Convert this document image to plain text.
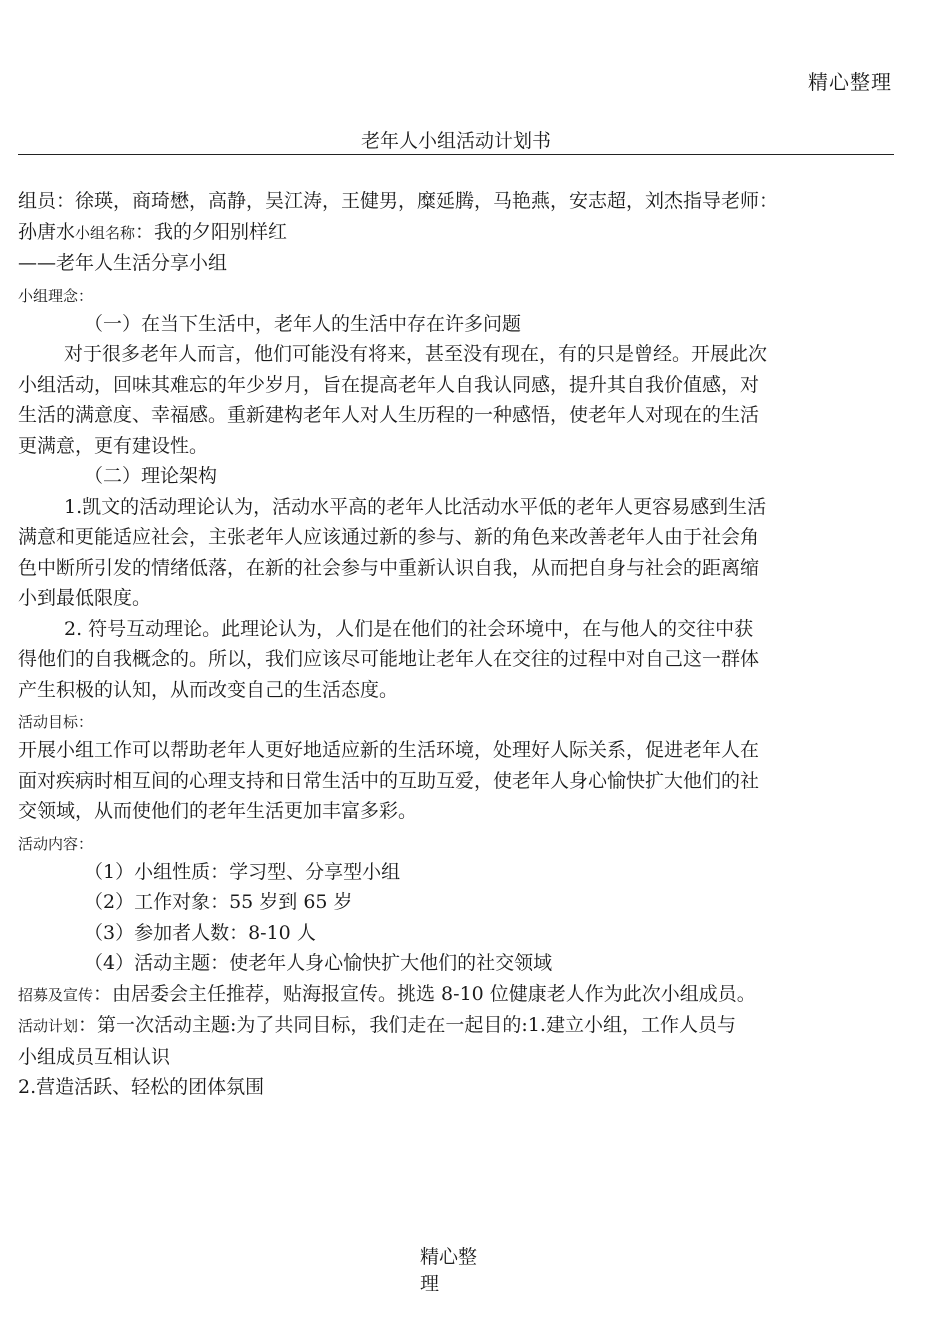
精心整理
老年人小组活动计划书

组员：徐瑛，商琦懋，高静，吴江涛，王健男，糜延腾，马艳燕，安志超，刘杰指导老师：

孙唐水小组名称：我的夕阳别样红

——老年人生活分享小组

小组理念：

（一）在当下生活中，老年人的生活中存在许多问题

对于很多老年人而言，他们可能没有将来，甚至没有现在，有的只是曾经。开展此次

小组活动，回味其难忘的年少岁月，旨在提高老年人自我认同感，提升其自我价值感，对

生活的满意度、幸福感。重新建构老年人对人生历程的一种感悟，使老年人对现在的生活

更满意，更有建设性。

（二）理论架构

1.凯文的活动理论认为，活动水平高的老年人比活动水平低的老年人更容易感到生活

满意和更能适应社会，主张老年人应该通过新的参与、新的角色来改善老年人由于社会角

色中断所引发的情绪低落，在新的社会参与中重新认识自我，从而把自身与社会的距离缩

小到最低限度。

2. 符号互动理论。此理论认为，人们是在他们的社会环境中，在与他人的交往中获

得他们的自我概念的。所以，我们应该尽可能地让老年人在交往的过程中对自己这一群体

产生积极的认知，从而改变自己的生活态度。

活动目标：

开展小组工作可以帮助老年人更好地适应新的生活环境，处理好人际关系，促进老年人在

面对疾病时相互间的心理支持和日常生活中的互助互爱，使老年人身心愉快扩大他们的社

交领域，从而使他们的老年生活更加丰富多彩。

活动内容：

（1）小组性质：学习型、分享型小组

（2）工作对象：55 岁到 65 岁

（3）参加者人数：8-10 人

（4）活动主题：使老年人身心愉快扩大他们的社交领域

招募及宣传：由居委会主任推荐，贴海报宣传。挑选 8-10 位健康老人作为此次小组成员。

活动计划：第一次活动主题:为了共同目标，我们走在一起目的:1.建立小组，工作人员与

小组成员互相认识

2.营造活跃、轻松的团体氛围

精心整
理
